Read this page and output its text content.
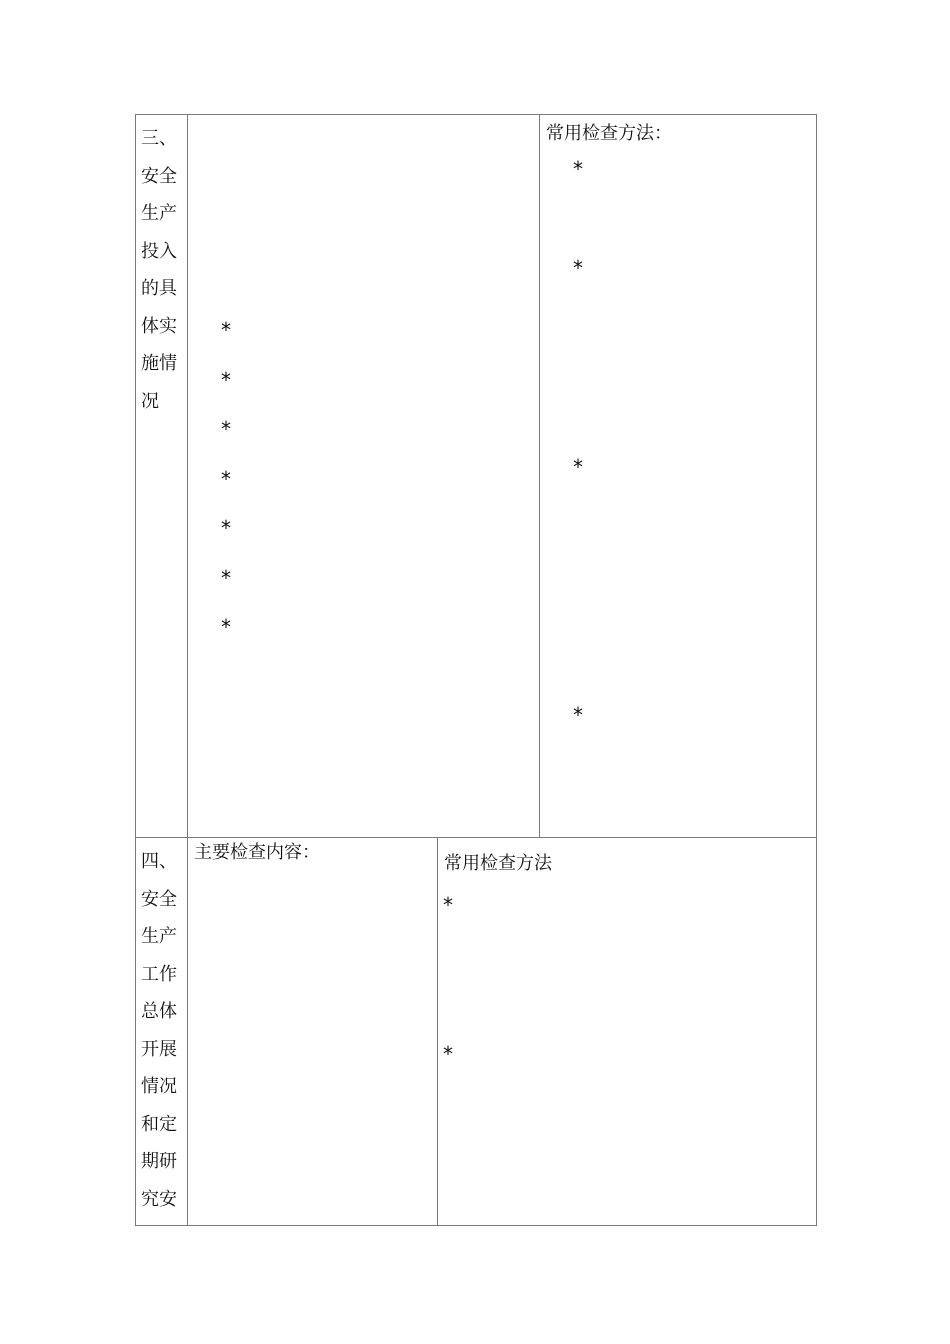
三、
安全
生产
投入
的具
体实
施情
况
*
*
*
*
*
*
*
常用检查方法：
*
*
*
*
四、
安全
生产
工作
总体
开展
情况
和定
期研
究安
主要检查内容：
常用检查方法
*
*
